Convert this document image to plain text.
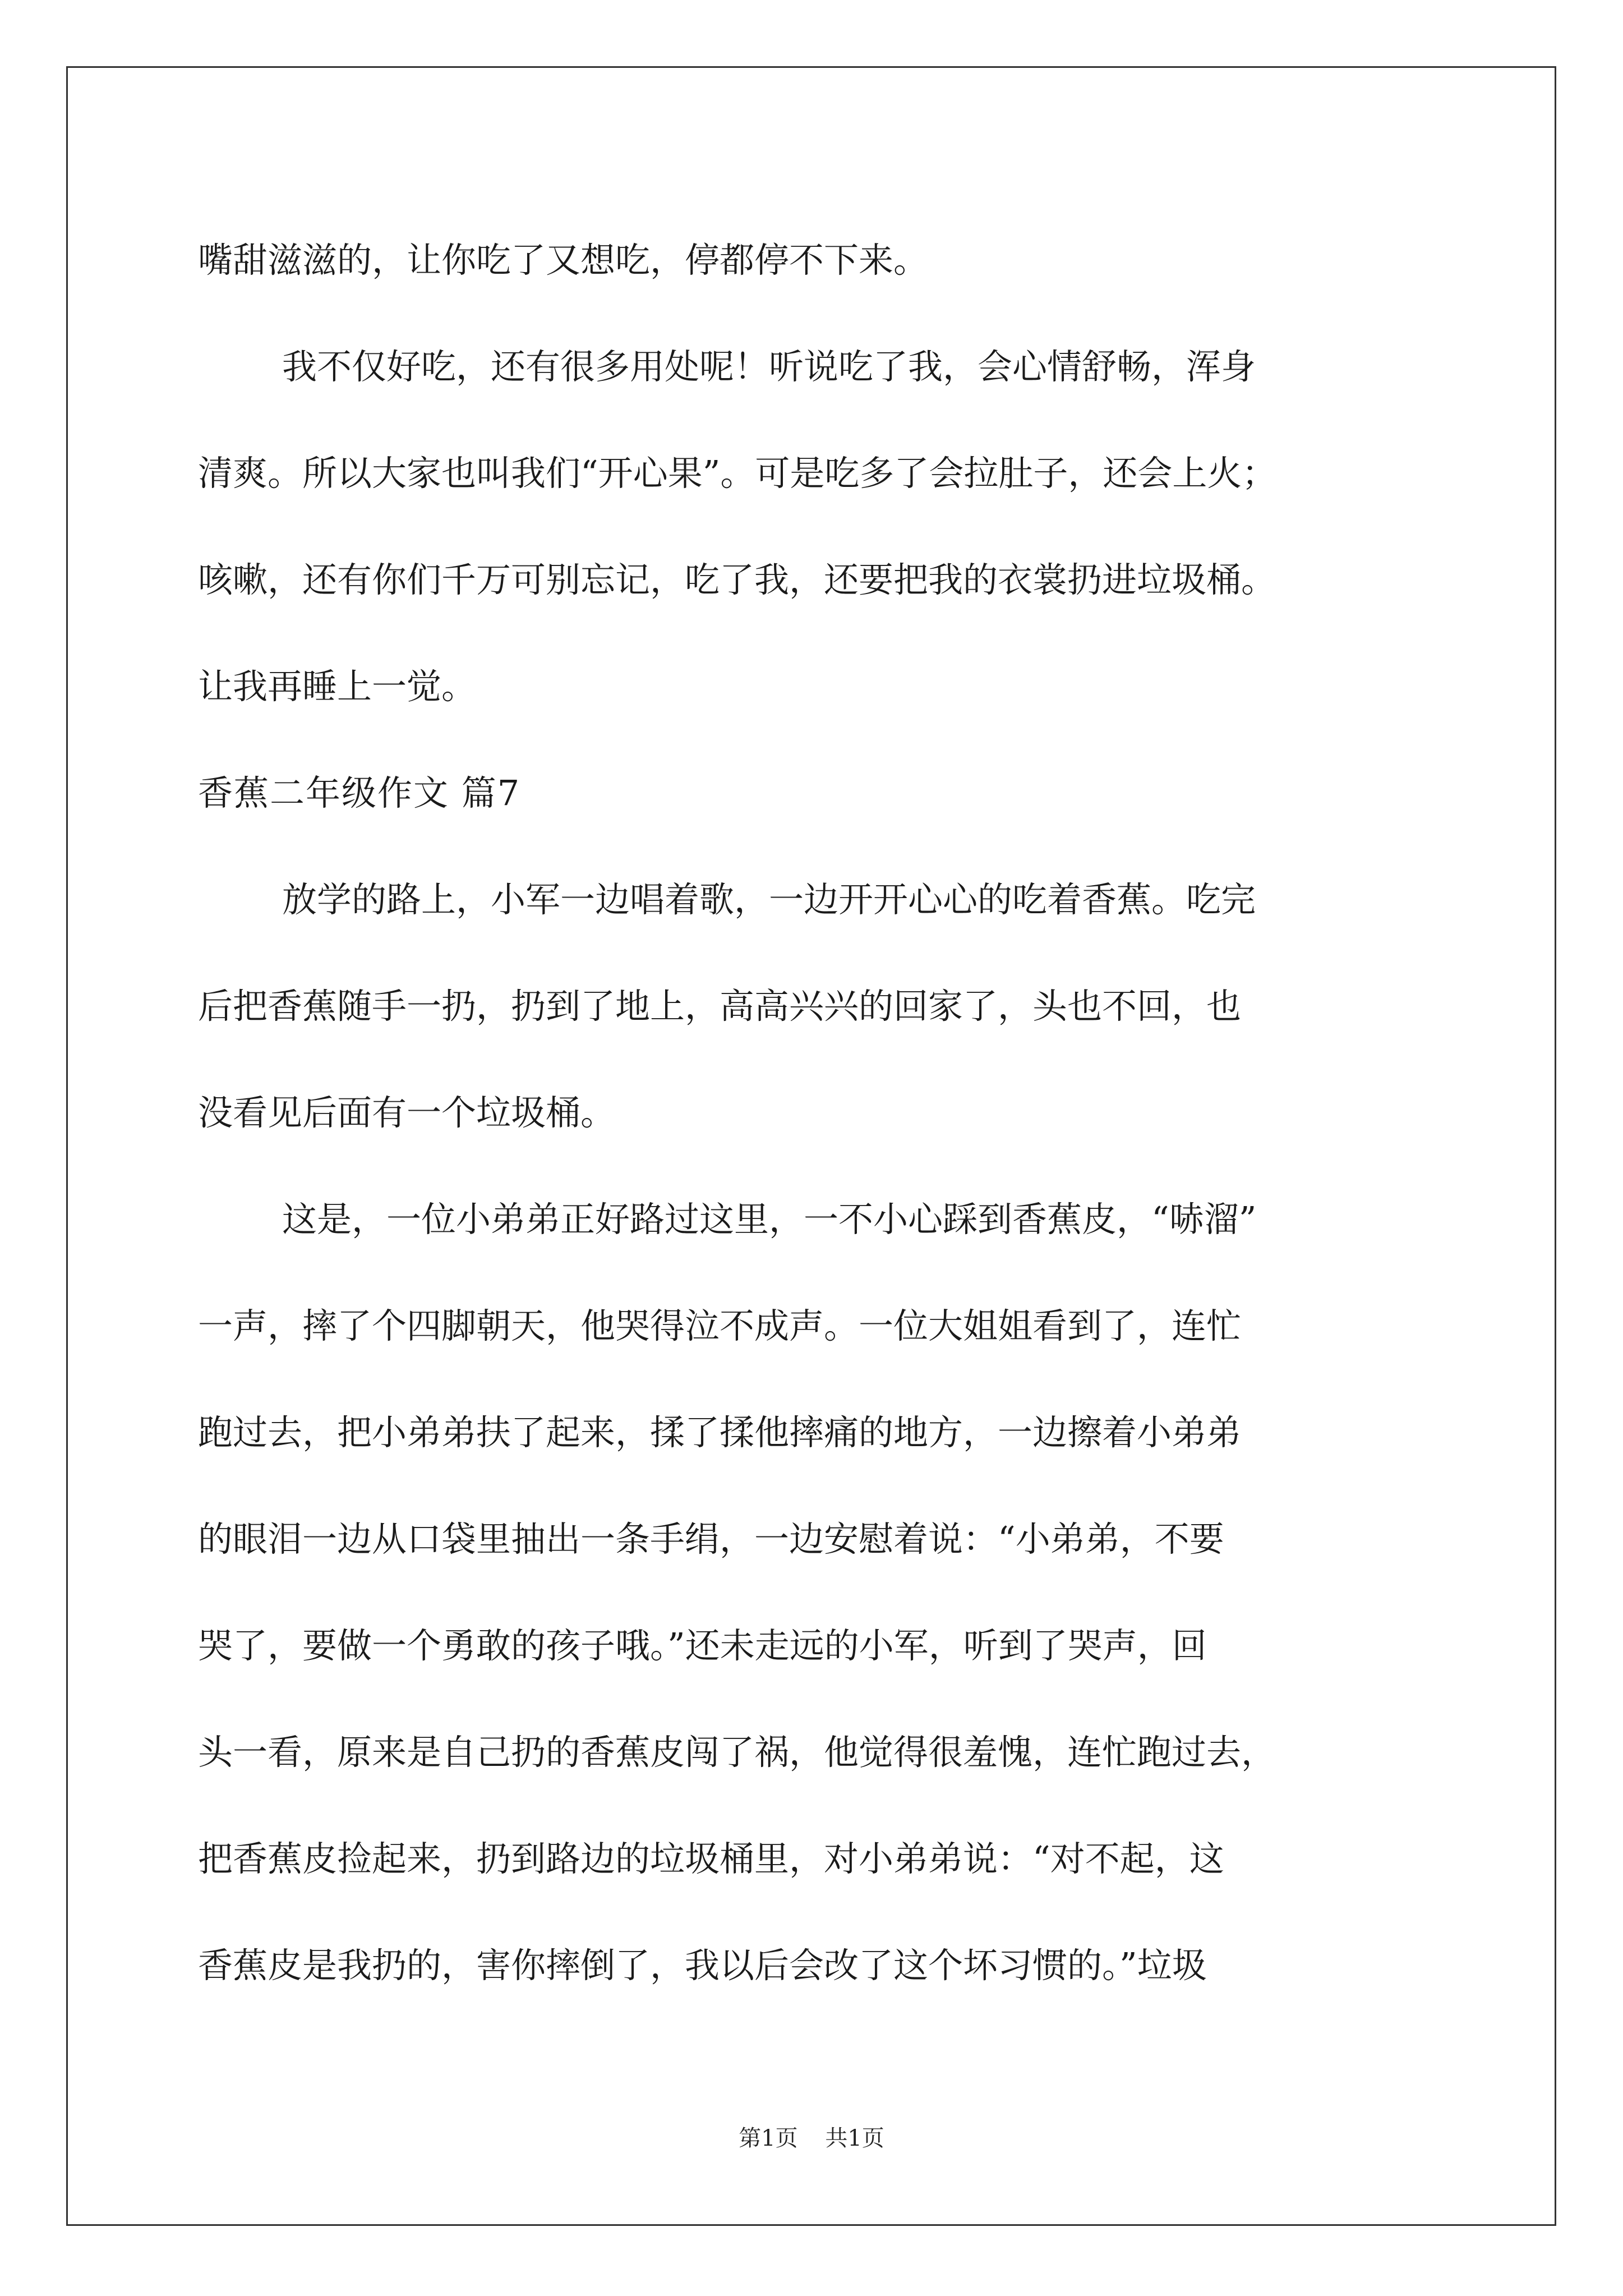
嘴甜滋滋的，让你吃了又想吃，停都停不下来。
我不仅好吃，还有很多用处呢！听说吃了我，会心情舒畅，浑身
清爽。所以大家也叫我们“开心果”。可是吃多了会拉肚子，还会上火；
咳嗽，还有你们千万可别忘记，吃了我，还要把我的衣裳扔进垃圾桶。
让我再睡上一觉。
香蕉二年级作文 篇7
放学的路上，小军一边唱着歌，一边开开心心的吃着香蕉。吃完
后把香蕉随手一扔，扔到了地上，高高兴兴的回家了，头也不回，也
没看见后面有一个垃圾桶。
这是，一位小弟弟正好路过这里，一不小心踩到香蕉皮，“哧溜”
一声，摔了个四脚朝天，他哭得泣不成声。一位大姐姐看到了，连忙
跑过去，把小弟弟扶了起来，揉了揉他摔痛的地方，一边擦着小弟弟
的眼泪一边从口袋里抽出一条手绢，一边安慰着说：“小弟弟，不要
哭了，要做一个勇敢的孩子哦。”还未走远的小军，听到了哭声，回
头一看，原来是自己扔的香蕉皮闯了祸，他觉得很羞愧，连忙跑过去，
把香蕉皮捡起来，扔到路边的垃圾桶里，对小弟弟说：“对不起，这
香蕉皮是我扔的，害你摔倒了，我以后会改了这个坏习惯的。”垃圾
第1页 共1页
